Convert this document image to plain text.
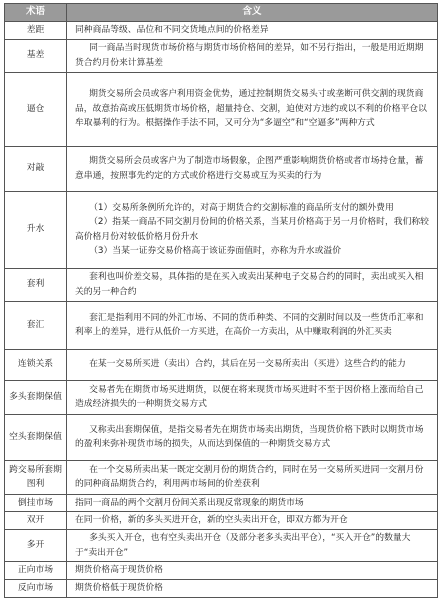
术语	含义
差距	同种商品等级、品位和不同交货地点间的价格差异

基差	同一商品当时现货市场价格与期货市场价格间的差异，如不另行指出，一般是用近期期货合约月份来计算基差

逼仓	期货交易所会员或客户利用资金优势，通过控制期货交易头寸或垄断可供交割的现货商品，故意抬高或压低期货市场价格，超量持仓、交割，迫使对方违约或以不利的价格平仓以牟取暴利的行为。根据操作手法不同，又可分为“多逼空”和“空逼多”两种方式

对敲	期货交易所会员或客户为了制造市场假象，企图严重影响期货价格或者市场持仓量，蓄意串通，按照事先约定的方式或价格进行交易或互为买卖的行为

升水	（1）交易所条例所允许的，对高于期货合约交割标准的商品所支付的额外费用
（2）指某一商品不同交割月份间的价格关系，当某月价格高于另一月价格时，我们称较高价格月份对较低价格月份升水
（3）当某一证券交易价格高于该证券面值时，亦称为升水或溢价

套利	套利也叫价差交易，具体指的是在买入或卖出某种电子交易合约的同时，卖出或买入相关的另一种合约

套汇	套汇是指利用不同的外汇市场、不同的货币种类、不同的交割时间以及一些货币汇率和利率上的差异，进行从低价一方买进，在高价一方卖出，从中赚取利润的外汇买卖

连锁关系	在某一交易所买进（卖出）合约，其后在另一交易所卖出（买进）这些合约的能力

多头套期保值	交易者先在期货市场买进期货，以便在将来现货市场买进时不至于因价格上涨而给自己造成经济损失的一种期货交易方式

空头套期保值	又称卖出套期保值，是指交易者先在期货市场卖出期货，当现货价格下跌时以期货市场的盈利来弥补现货市场的损失，从而达到保值的一种期货交易方式

跨交易所套期图利	在一个交易所卖出某一既定交割月份的期货合约，同时在另一交易所买进同一交割月份的同种商品期货合约，利用两市场间的价差获利

倒挂市场	指同一商品的两个交割月份间关系出现反常现象的期货市场

双开	在同一价格，新的多头买进开仓，新的空头卖出开仓，即双方都为开仓

多开	多头买入开仓，也有空头卖出开仓（及部分老多头卖出平仓），“买入开仓”的数量大于“卖出开仓”

正向市场	期货价格高于现货价格

反向市场	期货价格低于现货价格
